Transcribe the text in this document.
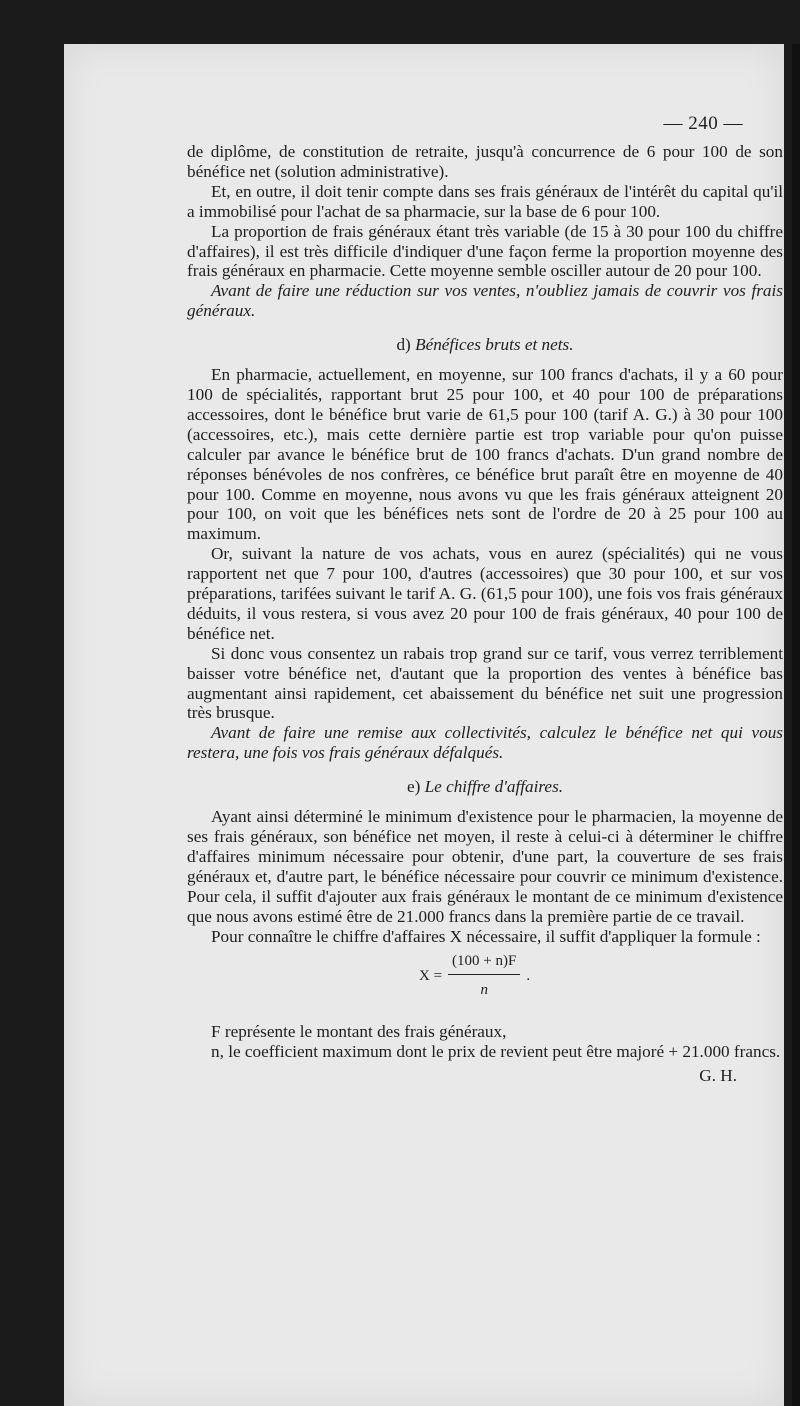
— 240 —

de diplôme, de constitution de retraite, jusqu'à concurrence de 6 pour 100 de son bénéfice net (solution administrative).

Et, en outre, il doit tenir compte dans ses frais généraux de l'intérêt du capital qu'il a immobilisé pour l'achat de sa pharmacie, sur la base de 6 pour 100.

La proportion de frais généraux étant très variable (de 15 à 30 pour 100 du chiffre d'affaires), il est très difficile d'indiquer d'une façon ferme la proportion moyenne des frais généraux en pharmacie. Cette moyenne semble osciller autour de 20 pour 100.

Avant de faire une réduction sur vos ventes, n'oubliez jamais de couvrir vos frais généraux.

d) Bénéfices bruts et nets.

En pharmacie, actuellement, en moyenne, sur 100 francs d'achats, il y a 60 pour 100 de spécialités, rapportant brut 25 pour 100, et 40 pour 100 de préparations accessoires, dont le bénéfice brut varie de 61,5 pour 100 (tarif A. G.) à 30 pour 100 (accessoires, etc.), mais cette dernière partie est trop variable pour qu'on puisse calculer par avance le bénéfice brut de 100 francs d'achats. D'un grand nombre de réponses bénévoles de nos confrères, ce bénéfice brut paraît être en moyenne de 40 pour 100. Comme en moyenne, nous avons vu que les frais généraux atteignent 20 pour 100, on voit que les bénéfices nets sont de l'ordre de 20 à 25 pour 100 au maximum.

Or, suivant la nature de vos achats, vous en aurez (spécialités) qui ne vous rapportent net que 7 pour 100, d'autres (accessoires) que 30 pour 100, et sur vos préparations, tarifées suivant le tarif A. G. (61,5 pour 100), une fois vos frais généraux déduits, il vous restera, si vous avez 20 pour 100 de frais généraux, 40 pour 100 de bénéfice net.

Si donc vous consentez un rabais trop grand sur ce tarif, vous verrez terriblement baisser votre bénéfice net, d'autant que la proportion des ventes à bénéfice bas augmentant ainsi rapidement, cet abaissement du bénéfice net suit une progression très brusque.

Avant de faire une remise aux collectivités, calculez le bénéfice net qui vous restera, une fois vos frais généraux défalqués.

e) Le chiffre d'affaires.

Ayant ainsi déterminé le minimum d'existence pour le pharmacien, la moyenne de ses frais généraux, son bénéfice net moyen, il reste à celui-ci à déterminer le chiffre d'affaires minimum nécessaire pour obtenir, d'une part, la couverture de ses frais généraux et, d'autre part, le bénéfice nécessaire pour couvrir ce minimum d'existence. Pour cela, il suffit d'ajouter aux frais généraux le montant de ce minimum d'existence que nous avons estimé être de 21.000 francs dans la première partie de ce travail.

Pour connaître le chiffre d'affaires X nécessaire, il suffit d'appliquer la formule :

$X = \frac{(100 + n)F}{n}$ .

F représente le montant des frais généraux,

n, le coefficient maximum dont le prix de revient peut être majoré + 21.000 francs.

G. H.
